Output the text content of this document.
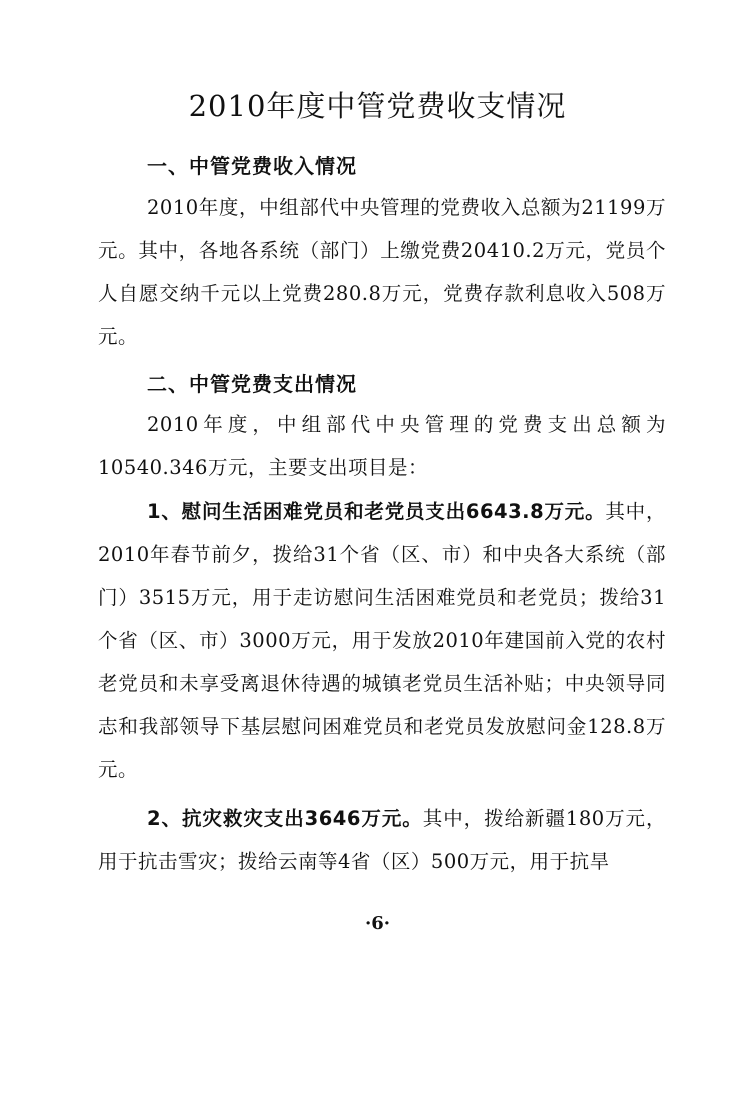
2010年度中管党费收支情况
一、中管党费收入情况
2010年度，中组部代中央管理的党费收入总额为21199万元。其中，各地各系统（部门）上缴党费20410.2万元，党员个人自愿交纳千元以上党费280.8万元，党费存款利息收入508万元。
二、中管党费支出情况
2010年度，中组部代中央管理的党费支出总额为10540.346万元，主要支出项目是：
1、慰问生活困难党员和老党员支出6643.8万元。其中，2010年春节前夕，拨给31个省（区、市）和中央各大系统（部门）3515万元，用于走访慰问生活困难党员和老党员；拨给31个省（区、市）3000万元，用于发放2010年建国前入党的农村老党员和未享受离退休待遇的城镇老党员生活补贴；中央领导同志和我部领导下基层慰问困难党员和老党员发放慰问金128.8万元。
2、抗灾救灾支出3646万元。其中，拨给新疆180万元，用于抗击雪灾；拨给云南等4省（区）500万元，用于抗旱
·6·
